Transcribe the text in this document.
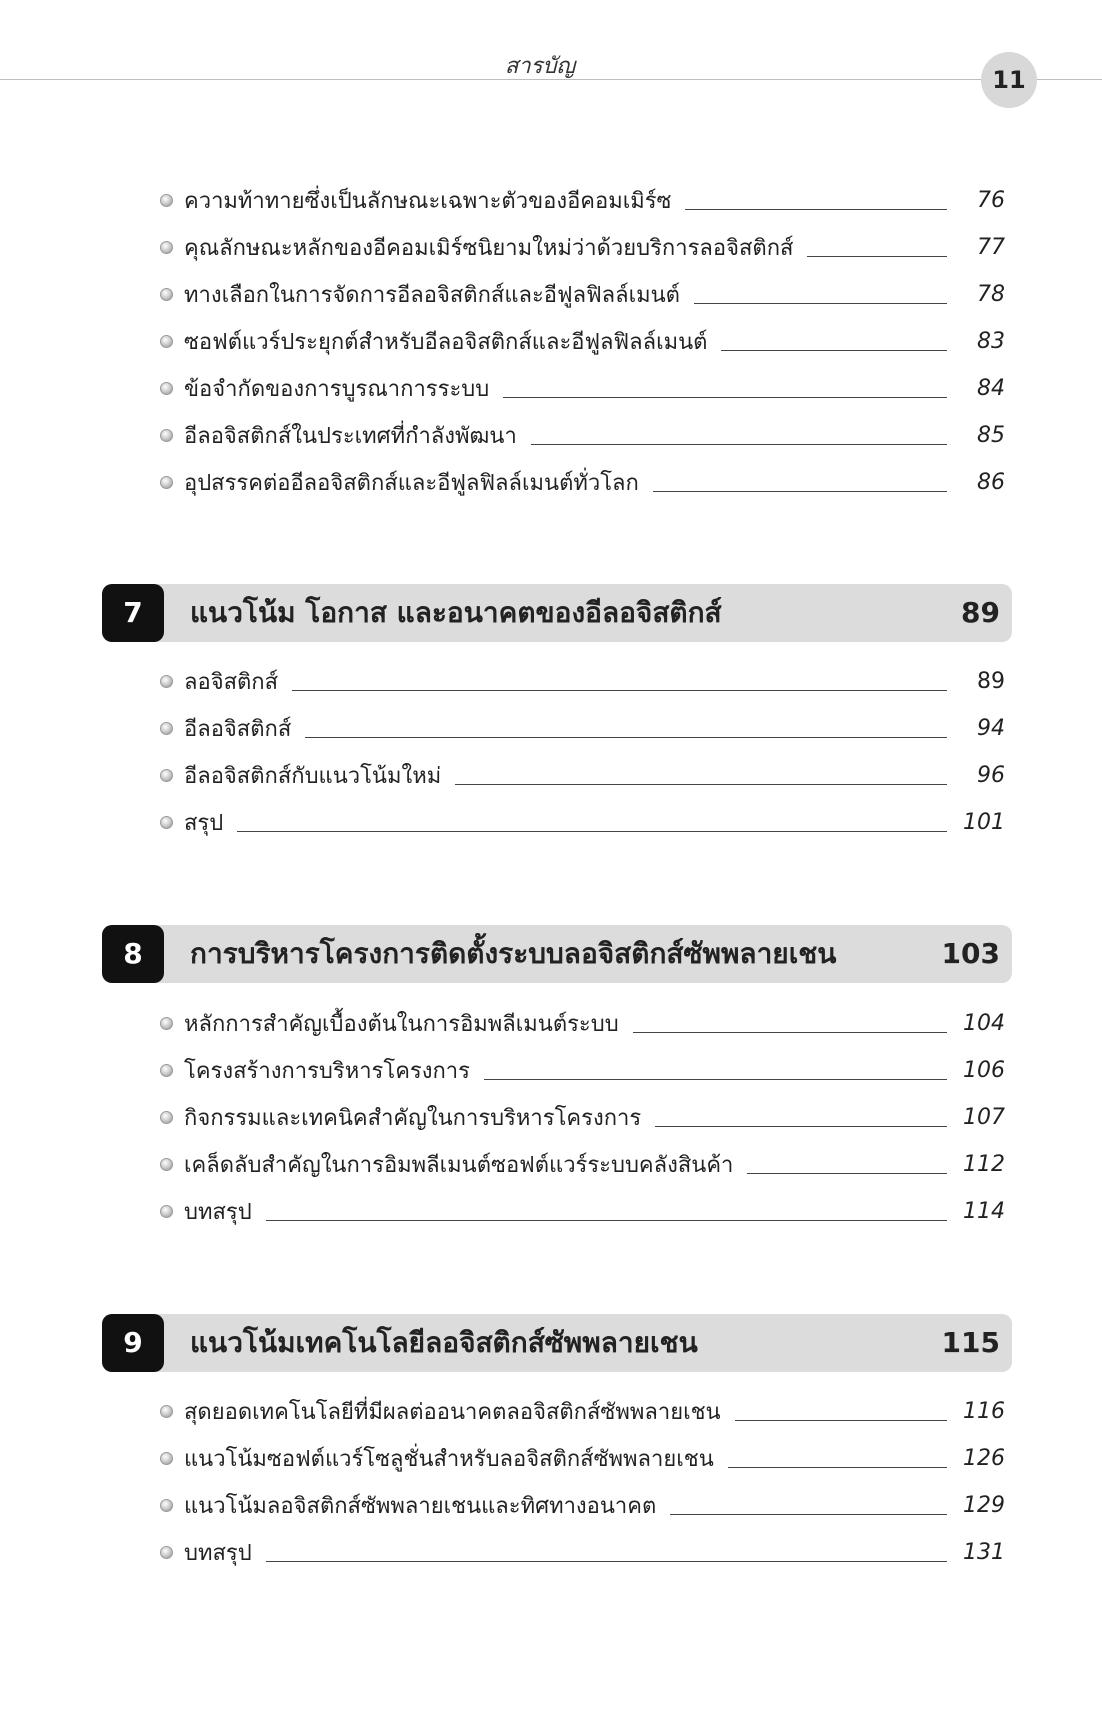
สารบัญ	11
ความท้าทายซึ่งเป็นลักษณะเฉพาะตัวของอีคอมเมิร์ซ	76
คุณลักษณะหลักของอีคอมเมิร์ซนิยามใหม่ว่าด้วยบริการลอจิสติกส์	77
ทางเลือกในการจัดการอีลอจิสติกส์และอีฟูลฟิลล์เมนต์	78
ซอฟต์แวร์ประยุกต์สำหรับอีลอจิสติกส์และอีฟูลฟิลล์เมนต์	83
ข้อจำกัดของการบูรณาการระบบ	84
อีลอจิสติกส์ในประเทศที่กำลังพัฒนา	85
อุปสรรคต่ออีลอจิสติกส์และอีฟูลฟิลล์เมนต์ทั่วโลก	86
7	แนวโน้ม โอกาส และอนาคตของอีลอจิสติกส์	89
ลอจิสติกส์	89
อีลอจิสติกส์	94
อีลอจิสติกส์กับแนวโน้มใหม่	96
สรุป	101
8	การบริหารโครงการติดตั้งระบบลอจิสติกส์ซัพพลายเชน	103
หลักการสำคัญเบื้องต้นในการอิมพลีเมนต์ระบบ	104
โครงสร้างการบริหารโครงการ	106
กิจกรรมและเทคนิคสำคัญในการบริหารโครงการ	107
เคล็ดลับสำคัญในการอิมพลีเมนต์ซอฟต์แวร์ระบบคลังสินค้า	112
บทสรุป	114
9	แนวโน้มเทคโนโลยีลอจิสติกส์ซัพพลายเชน	115
สุดยอดเทคโนโลยีที่มีผลต่ออนาคตลอจิสติกส์ซัพพลายเชน	116
แนวโน้มซอฟต์แวร์โซลูชั่นสำหรับลอจิสติกส์ซัพพลายเชน	126
แนวโน้มลอจิสติกส์ซัพพลายเชนและทิศทางอนาคต	129
บทสรุป	131
